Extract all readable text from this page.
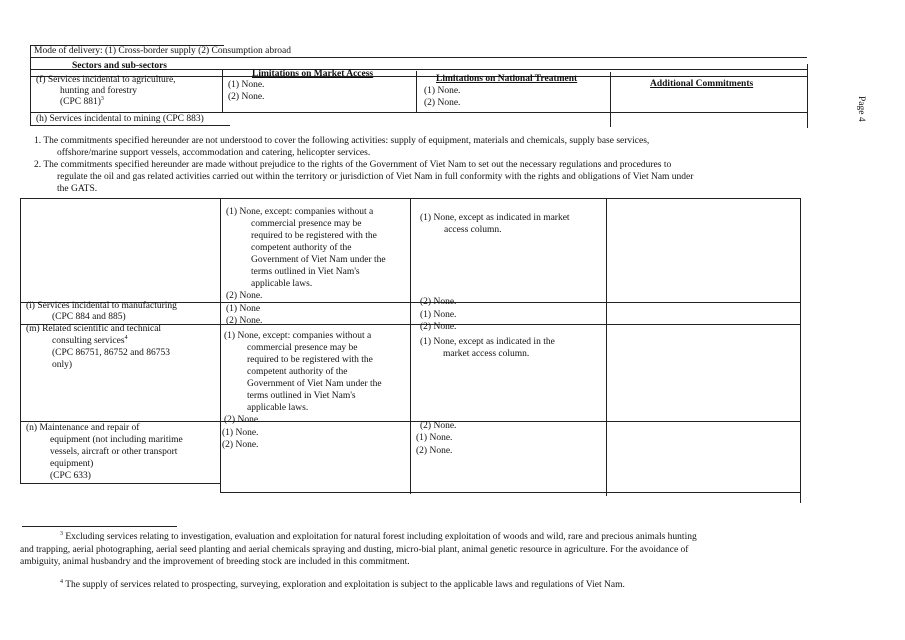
Page 4
Mode of delivery: (1) Cross-border supply (2) Consumption abroad
Sectors and sub-sectors
Limitations on Market Access	Limitations on National Treatment	Additional Commitments
(f) Services incidental to agriculture,
hunting and forestry
(CPC 881)$^3$
(1) None.
(2) None.
(1) None.
(2) None.
(h) Services incidental to mining (CPC 883)
1. The commitments specified hereunder are not understood to cover the following activities: supply of equipment, materials and chemicals, supply base services,
offshore/marine support vessels, accommodation and catering, helicopter services.
2. The commitments specified hereunder are made without prejudice to the rights of the Government of Viet Nam to set out the necessary regulations and procedures to
regulate the oil and gas related activities carried out within the territory or jurisdiction of Viet Nam in full conformity with the rights and obligations of Viet Nam under
the GATS.
(1) None, except: companies without a
commercial presence may be
required to be registered with the
competent authority of the
Government of Viet Nam under the
terms outlined in Viet Nam's
applicable laws.
(2) None.
(1) None, except as indicated in market
access column.
(2) None.
(i) Services incidental to manufacturing
(CPC 884 and 885)
(1) None
(2) None.
(1) None.
(2) None.
(m) Related scientific and technical
consulting services$^4$
(CPC 86751, 86752 and 86753
only)
(1) None, except: companies without a
commercial presence may be
required to be registered with the
competent authority of the
Government of Viet Nam under the
terms outlined in Viet Nam's
applicable laws.
(2) None.
(1) None, except as indicated in the
market access column.
(2) None.
(n) Maintenance and repair of
equipment (not including maritime
vessels, aircraft or other transport
equipment)
(CPC 633)
(1) None.
(2) None.
(1) None.
(2) None.
$^3$ Excluding services relating to investigation, evaluation and exploitation for natural forest including exploitation of woods and wild, rare and precious animals hunting
and trapping, aerial photographing, aerial seed planting and aerial chemicals spraying and dusting, micro-bial plant, animal genetic resource in agriculture. For the avoidance of
ambiguity, animal husbandry and the improvement of breeding stock are included in this commitment.
$^4$ The supply of services related to prospecting, surveying, exploration and exploitation is subject to the applicable laws and regulations of Viet Nam.
